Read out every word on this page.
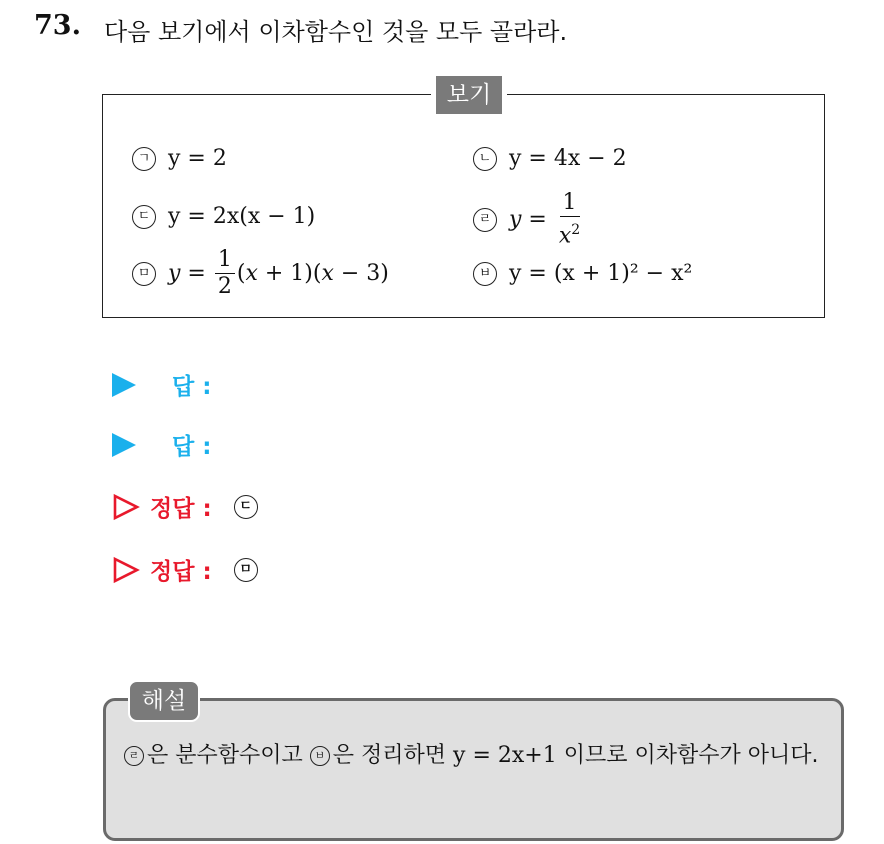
73. 다음 보기에서 이차함수인 것을 모두 골라라.
보기
ㄱ y = 2	ㄴ y = 4x − 2
ㄷ y = 2x(x − 1)	ㄹ $y = \frac{1}{x^2}$
ㅁ $y = \frac{1}{2}$ ( x + 1)( x − 3)	ㅂ y = (x + 1)² − x²
답 :
답 :
정답 :	ㄷ
정답 :	ㅁ
해설
ㄹ 은 분수함수이고 ㅂ 은 정리하면 y = 2x+1 이므로 이차함수가 아니다.
